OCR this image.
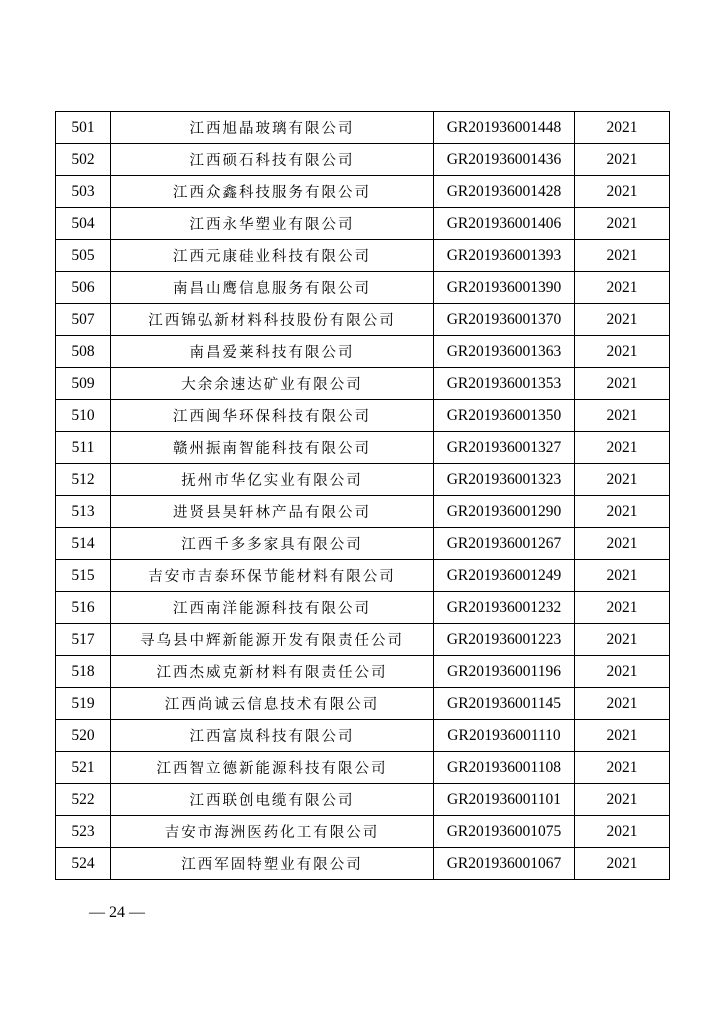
501	江西旭晶玻璃有限公司	GR201936001448	2021
502	江西硕石科技有限公司	GR201936001436	2021
503	江西众鑫科技服务有限公司	GR201936001428	2021
504	江西永华塑业有限公司	GR201936001406	2021
505	江西元康硅业科技有限公司	GR201936001393	2021
506	南昌山鹰信息服务有限公司	GR201936001390	2021
507	江西锦弘新材料科技股份有限公司	GR201936001370	2021
508	南昌爱莱科技有限公司	GR201936001363	2021
509	大余余速达矿业有限公司	GR201936001353	2021
510	江西闽华环保科技有限公司	GR201936001350	2021
511	赣州振南智能科技有限公司	GR201936001327	2021
512	抚州市华亿实业有限公司	GR201936001323	2021
513	进贤县昊轩林产品有限公司	GR201936001290	2021
514	江西千多多家具有限公司	GR201936001267	2021
515	吉安市吉泰环保节能材料有限公司	GR201936001249	2021
516	江西南洋能源科技有限公司	GR201936001232	2021
517	寻乌县中辉新能源开发有限责任公司	GR201936001223	2021
518	江西杰威克新材料有限责任公司	GR201936001196	2021
519	江西尚诚云信息技术有限公司	GR201936001145	2021
520	江西富岚科技有限公司	GR201936001110	2021
521	江西智立德新能源科技有限公司	GR201936001108	2021
522	江西联创电缆有限公司	GR201936001101	2021
523	吉安市海洲医药化工有限公司	GR201936001075	2021
524	江西军固特塑业有限公司	GR201936001067	2021
— 24 —
